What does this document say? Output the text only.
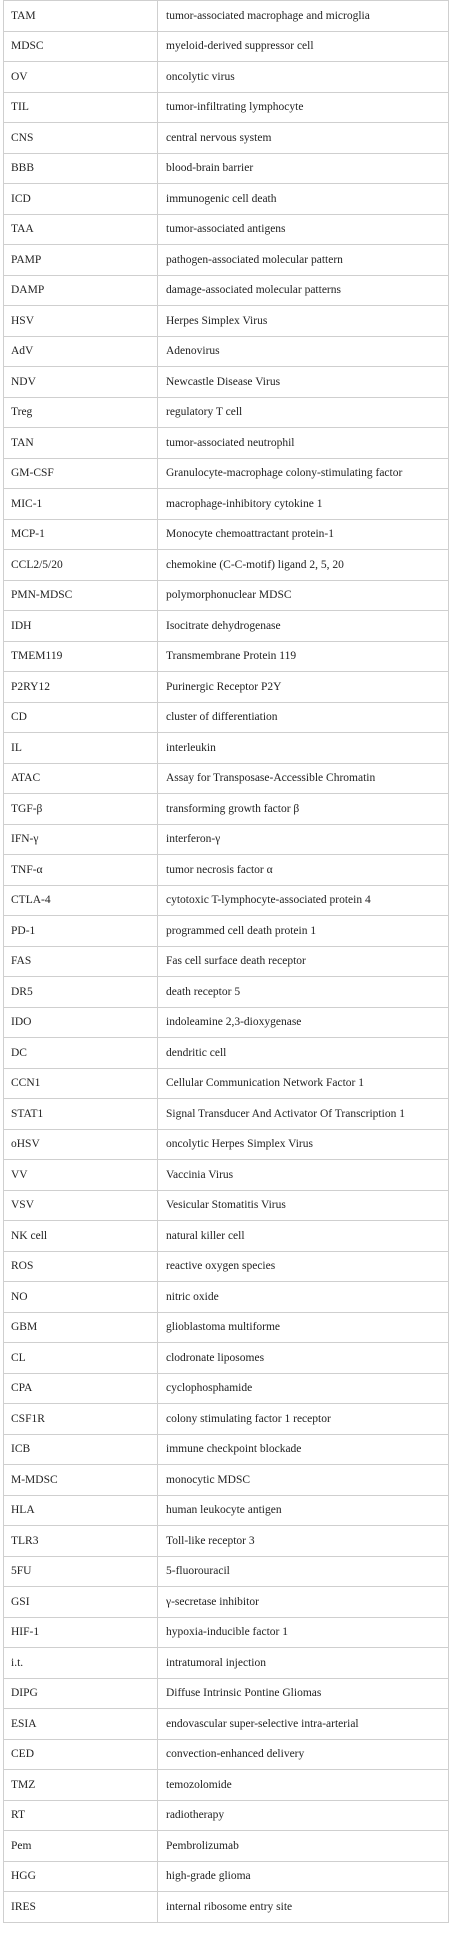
TAM	tumor-associated macrophage and microglia
MDSC	myeloid-derived suppressor cell
OV	oncolytic virus
TIL	tumor-infiltrating lymphocyte
CNS	central nervous system
BBB	blood-brain barrier
ICD	immunogenic cell death
TAA	tumor-associated antigens
PAMP	pathogen-associated molecular pattern
DAMP	damage-associated molecular patterns
HSV	Herpes Simplex Virus
AdV	Adenovirus
NDV	Newcastle Disease Virus
Treg	regulatory T cell
TAN	tumor-associated neutrophil
GM-CSF	Granulocyte-macrophage colony-stimulating factor
MIC-1	macrophage-inhibitory cytokine 1
MCP-1	Monocyte chemoattractant protein-1
CCL2/5/20	chemokine (C-C-motif) ligand 2, 5, 20
PMN-MDSC	polymorphonuclear MDSC
IDH	Isocitrate dehydrogenase
TMEM119	Transmembrane Protein 119
P2RY12	Purinergic Receptor P2Y
CD	cluster of differentiation
IL	interleukin
ATAC	Assay for Transposase-Accessible Chromatin
TGF-β	transforming growth factor β
IFN-γ	interferon-γ
TNF-α	tumor necrosis factor α
CTLA-4	cytotoxic T-lymphocyte-associated protein 4
PD-1	programmed cell death protein 1
FAS	Fas cell surface death receptor
DR5	death receptor 5
IDO	indoleamine 2,3-dioxygenase
DC	dendritic cell
CCN1	Cellular Communication Network Factor 1
STAT1	Signal Transducer And Activator Of Transcription 1
oHSV	oncolytic Herpes Simplex Virus
VV	Vaccinia Virus
VSV	Vesicular Stomatitis Virus
NK cell	natural killer cell
ROS	reactive oxygen species
NO	nitric oxide
GBM	glioblastoma multiforme
CL	clodronate liposomes
CPA	cyclophosphamide
CSF1R	colony stimulating factor 1 receptor
ICB	immune checkpoint blockade
M-MDSC	monocytic MDSC
HLA	human leukocyte antigen
TLR3	Toll-like receptor 3
5FU	5-fluorouracil
GSI	γ-secretase inhibitor
HIF-1	hypoxia-inducible factor 1
i.t.	intratumoral injection
DIPG	Diffuse Intrinsic Pontine Gliomas
ESIA	endovascular super-selective intra-arterial
CED	convection-enhanced delivery
TMZ	temozolomide
RT	radiotherapy
Pem	Pembrolizumab
HGG	high-grade glioma
IRES	internal ribosome entry site
